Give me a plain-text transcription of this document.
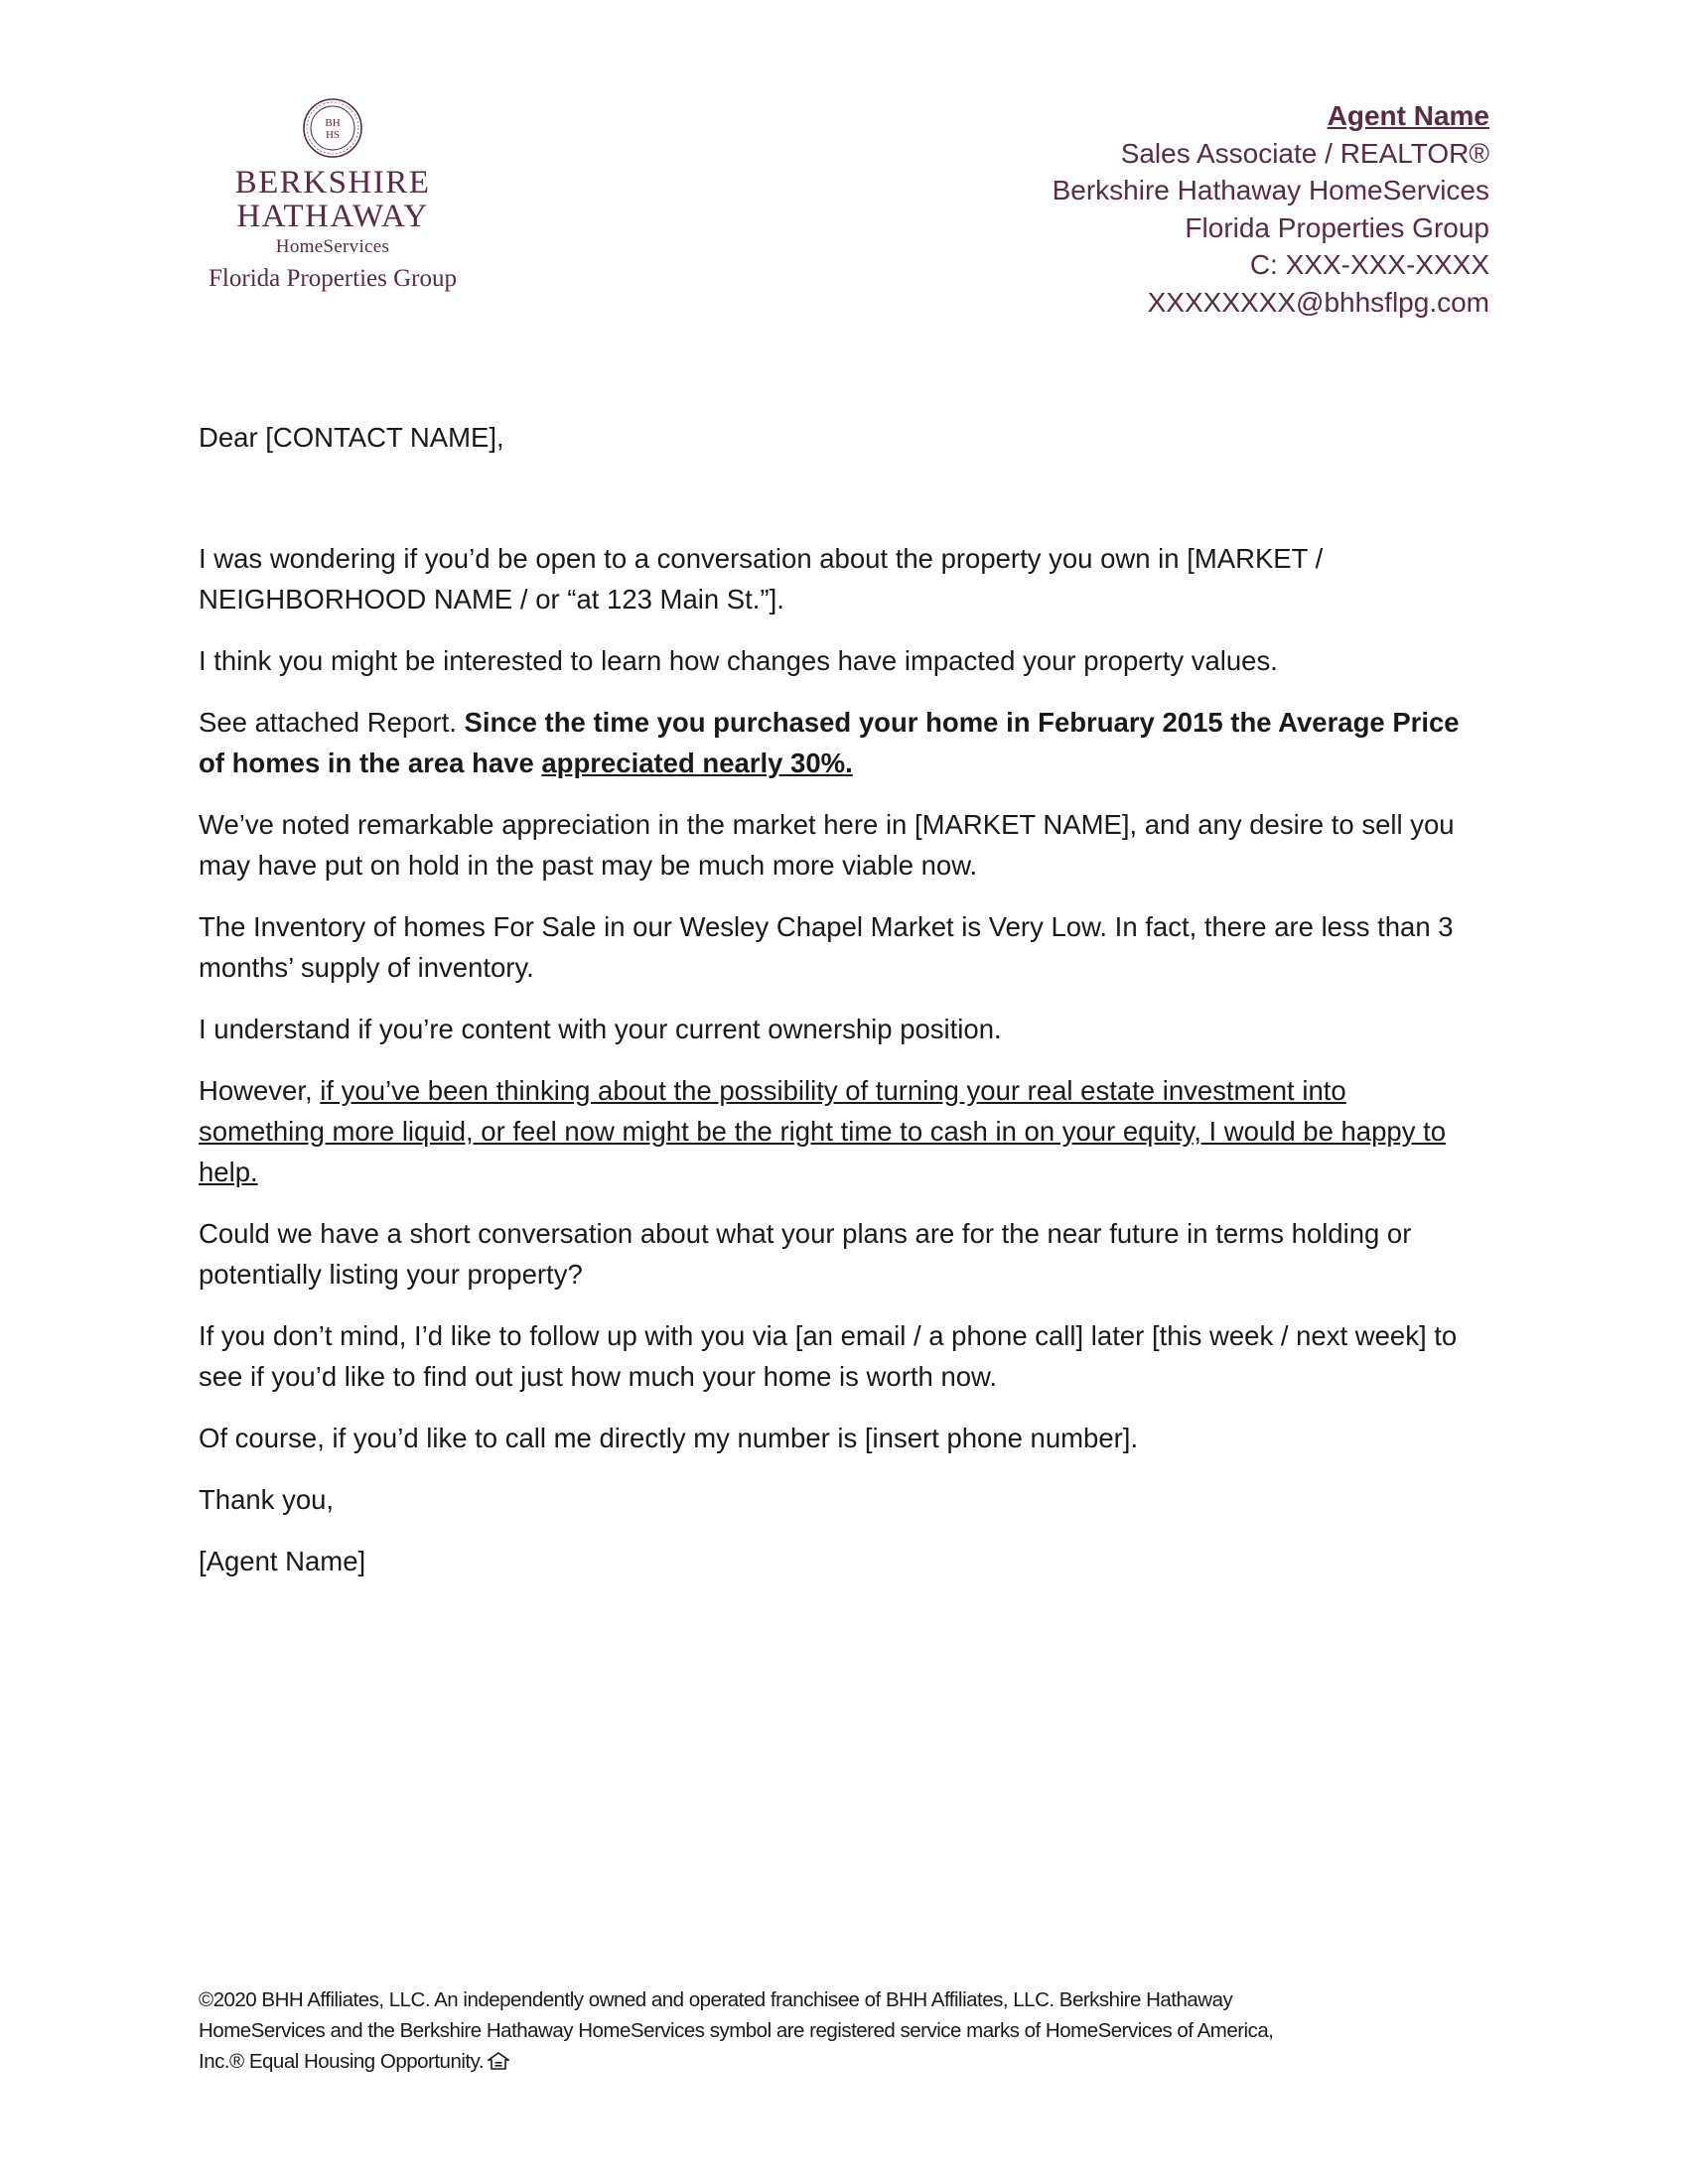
BH
HS
BERKSHIRE
HATHAWAY
HomeServices
Florida Properties Group
Agent Name
Sales Associate / REALTOR®
Berkshire Hathaway HomeServices
Florida Properties Group
C: XXX-XXX-XXXX
XXXXXXXX@bhhsflpg.com

Dear [CONTACT NAME],

I was wondering if you’d be open to a conversation about the property you own in [MARKET / NEIGHBORHOOD NAME / or “at 123 Main St.”].

I think you might be interested to learn how changes have impacted your property values.

See attached Report. Since the time you purchased your home in February 2015 the Average Price of homes in the area have appreciated nearly 30%.

We’ve noted remarkable appreciation in the market here in [MARKET NAME], and any desire to sell you may have put on hold in the past may be much more viable now.

The Inventory of homes For Sale in our Wesley Chapel Market is Very Low. In fact, there are less than 3 months’ supply of inventory.

I understand if you’re content with your current ownership position.

However, if you’ve been thinking about the possibility of turning your real estate investment into something more liquid, or feel now might be the right time to cash in on your equity, I would be happy to help.

Could we have a short conversation about what your plans are for the near future in terms holding or potentially listing your property?

If you don’t mind, I’d like to follow up with you via [an email / a phone call] later [this week / next week] to see if you’d like to find out just how much your home is worth now.

Of course, if you’d like to call me directly my number is [insert phone number].

Thank you,

[Agent Name]

©2020 BHH Affiliates, LLC. An independently owned and operated franchisee of BHH Affiliates, LLC. Berkshire Hathaway HomeServices and the Berkshire Hathaway HomeServices symbol are registered service marks of HomeServices of America, Inc.® Equal Housing Opportunity.
